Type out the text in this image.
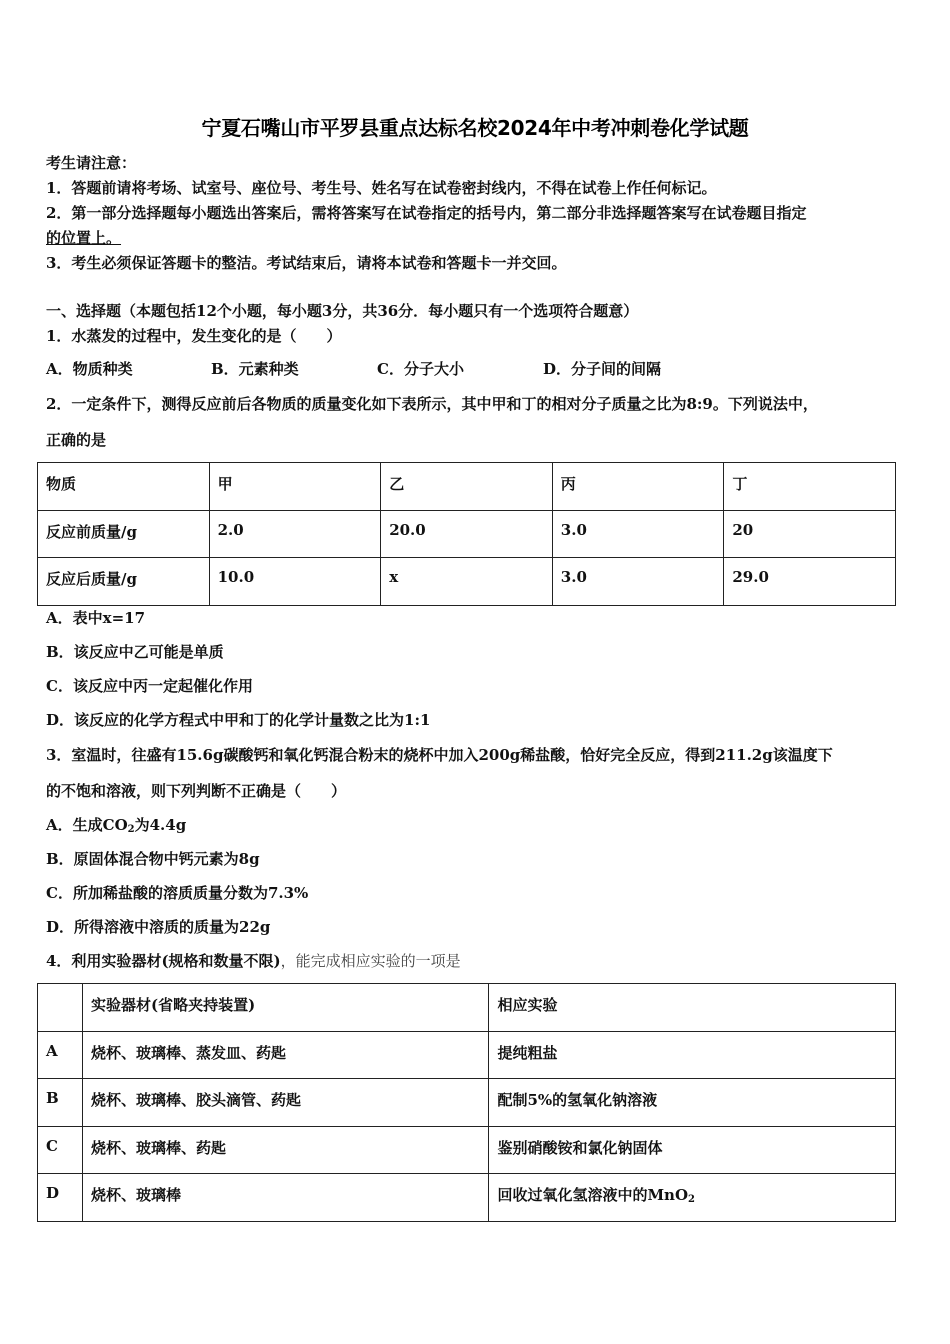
宁夏石嘴山市平罗县重点达标名校2024年中考冲刺卷化学试题
考生请注意：
1．答题前请将考场、试室号、座位号、考生号、姓名写在试卷密封线内，不得在试卷上作任何标记。
2．第一部分选择题每小题选出答案后，需将答案写在试卷指定的括号内，第二部分非选择题答案写在试卷题目指定
的位置上。
3．考生必须保证答题卡的整洁。考试结束后，请将本试卷和答题卡一并交回。
一、选择题（本题包括12个小题，每小题3分，共36分．每小题只有一个选项符合题意）
1．水蒸发的过程中，发生变化的是（　　）
A．物质种类	B．元素种类	C．分子大小	D．分子间的间隔
2．一定条件下，测得反应前后各物质的质量变化如下表所示，其中甲和丁的相对分子质量之比为8:9。下列说法中，
正确的是
物质	甲	乙	丙	丁
反应前质量/g	2.0	20.0	3.0	20
反应后质量/g	10.0	x	3.0	29.0
A．表中x=17
B．该反应中乙可能是单质
C．该反应中丙一定起催化作用
D．该反应的化学方程式中甲和丁的化学计量数之比为1:1
3．室温时，往盛有15.6g碳酸钙和氧化钙混合粉末的烧杯中加入200g稀盐酸，恰好完全反应，得到211.2g该温度下
的不饱和溶液，则下列判断不正确是（　　）
A．生成$CO_2$为4.4g
B．原固体混合物中钙元素为8g
C．所加稀盐酸的溶质质量分数为7.3%
D．所得溶液中溶质的质量为22g
4．利用实验器材(规格和数量不限)，能完成相应实验的一项是
	实验器材(省略夹持装置)	相应实验
A	烧杯、玻璃棒、蒸发皿、药匙	提纯粗盐
B	烧杯、玻璃棒、胶头滴管、药匙	配制5%的氢氧化钠溶液
C	烧杯、玻璃棒、药匙	鉴别硝酸铵和氯化钠固体
D	烧杯、玻璃棒	回收过氧化氢溶液中的MnO$_2$
